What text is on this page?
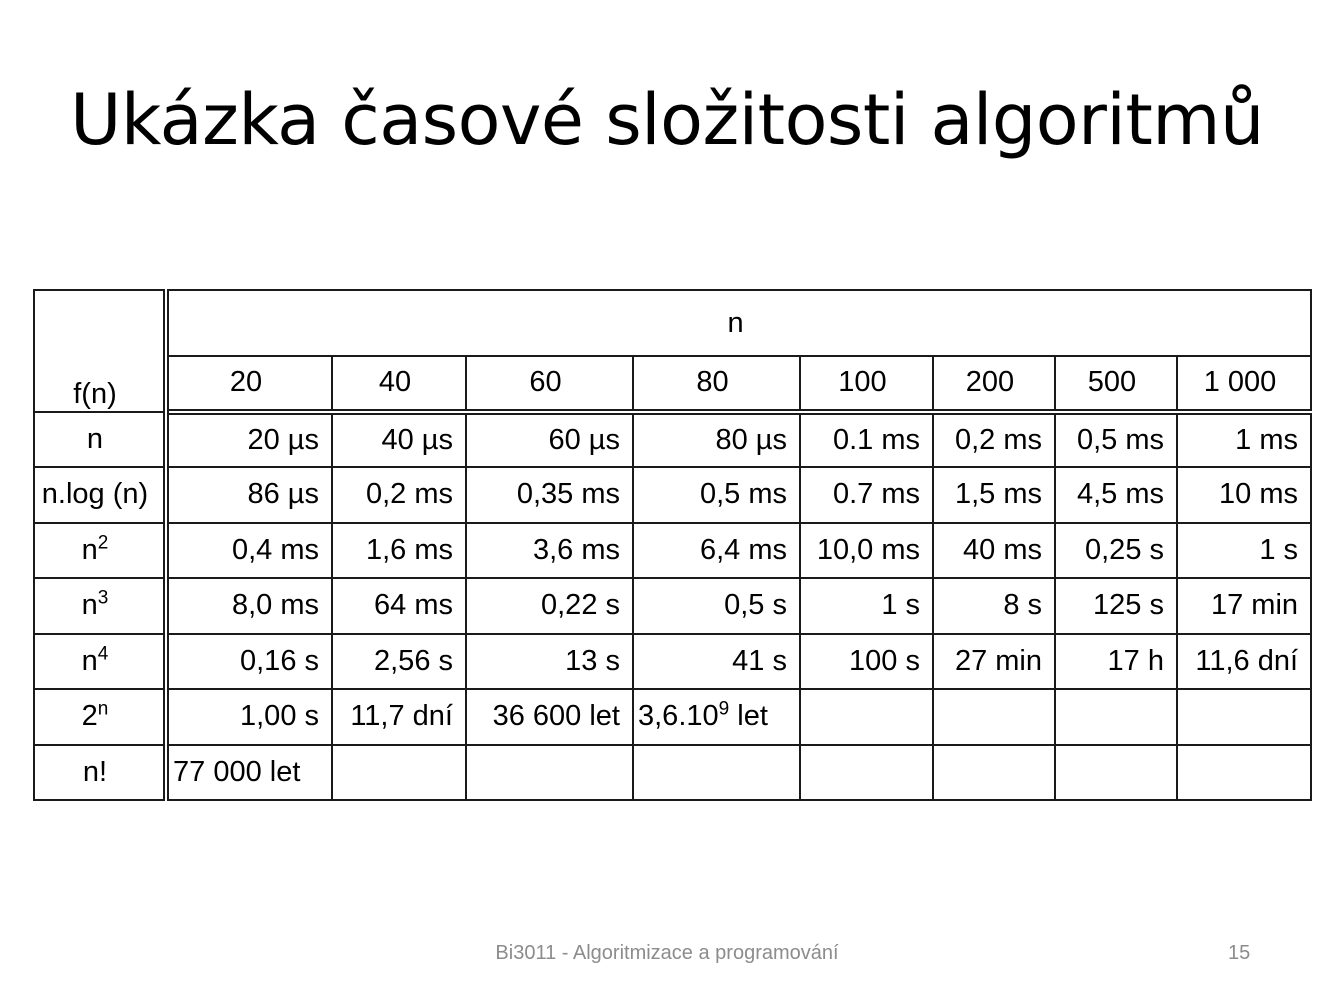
Ukázka časové složitosti algoritmů
f(n)	n							
	20	40	60	80	100	200	500	1 000
n	20 µs	40 µs	60 µs	80 µs	0.1 ms	0,2 ms	0,5 ms	1 ms
n.log (n)	86 µs	0,2 ms	0,35 ms	0,5 ms	0.7 ms	1,5 ms	4,5 ms	10 ms
$n^2$	0,4 ms	1,6 ms	3,6 ms	6,4 ms	10,0 ms	40 ms	0,25 s	1 s
$n^3$	8,0 ms	64 ms	0,22 s	0,5 s	1 s	8 s	125 s	17 min
$n^4$	0,16 s	2,56 s	13 s	41 s	100 s	27 min	17 h	11,6 dní
2$^n$	1,00 s	11,7 dní	36 600 let	3,6.10$^9$ let				
n!	77 000 let							
Bi3011 - Algoritmizace a programování	15
